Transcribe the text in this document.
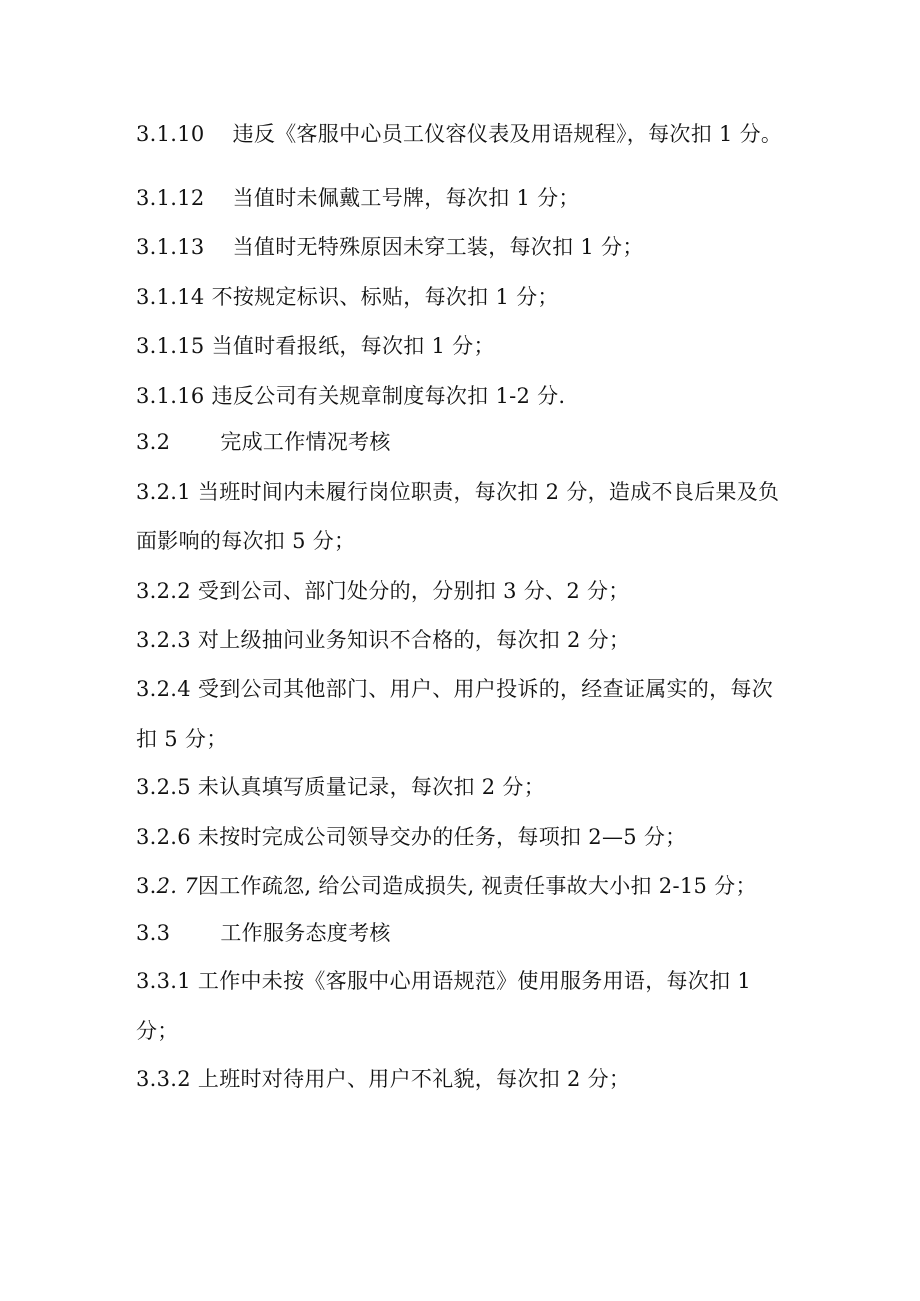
3.1.10 违反《客服中心员工仪容仪表及用语规程》，每次扣 1 分。
3.1.12 当值时未佩戴工号牌，每次扣 1 分；
3.1.13 当值时无特殊原因未穿工装，每次扣 1 分；
3.1.14 不按规定标识、标贴，每次扣 1 分；
3.1.15 当值时看报纸，每次扣 1 分；
3.1.16 违反公司有关规章制度每次扣 1-2 分.
3.2 完成工作情况考核
3.2.1 当班时间内未履行岗位职责，每次扣 2 分，造成不良后果及负
面影响的每次扣 5 分；
3.2.2 受到公司、部门处分的，分别扣 3 分、2 分；
3.2.3 对上级抽问业务知识不合格的，每次扣 2 分；
3.2.4 受到公司其他部门、用户、用户投诉的，经查证属实的，每次
扣 5 分；
3.2.5 未认真填写质量记录，每次扣 2 分；
3.2.6 未按时完成公司领导交办的任务，每项扣 2—5 分；
3.2. 7因工作疏忽, 给公司造成损失, 视责任事故大小扣 2-15 分；
3.3 工作服务态度考核
3.3.1 工作中未按《客服中心用语规范》使用服务用语，每次扣 1
分；
3.3.2 上班时对待用户、用户不礼貌，每次扣 2 分；
